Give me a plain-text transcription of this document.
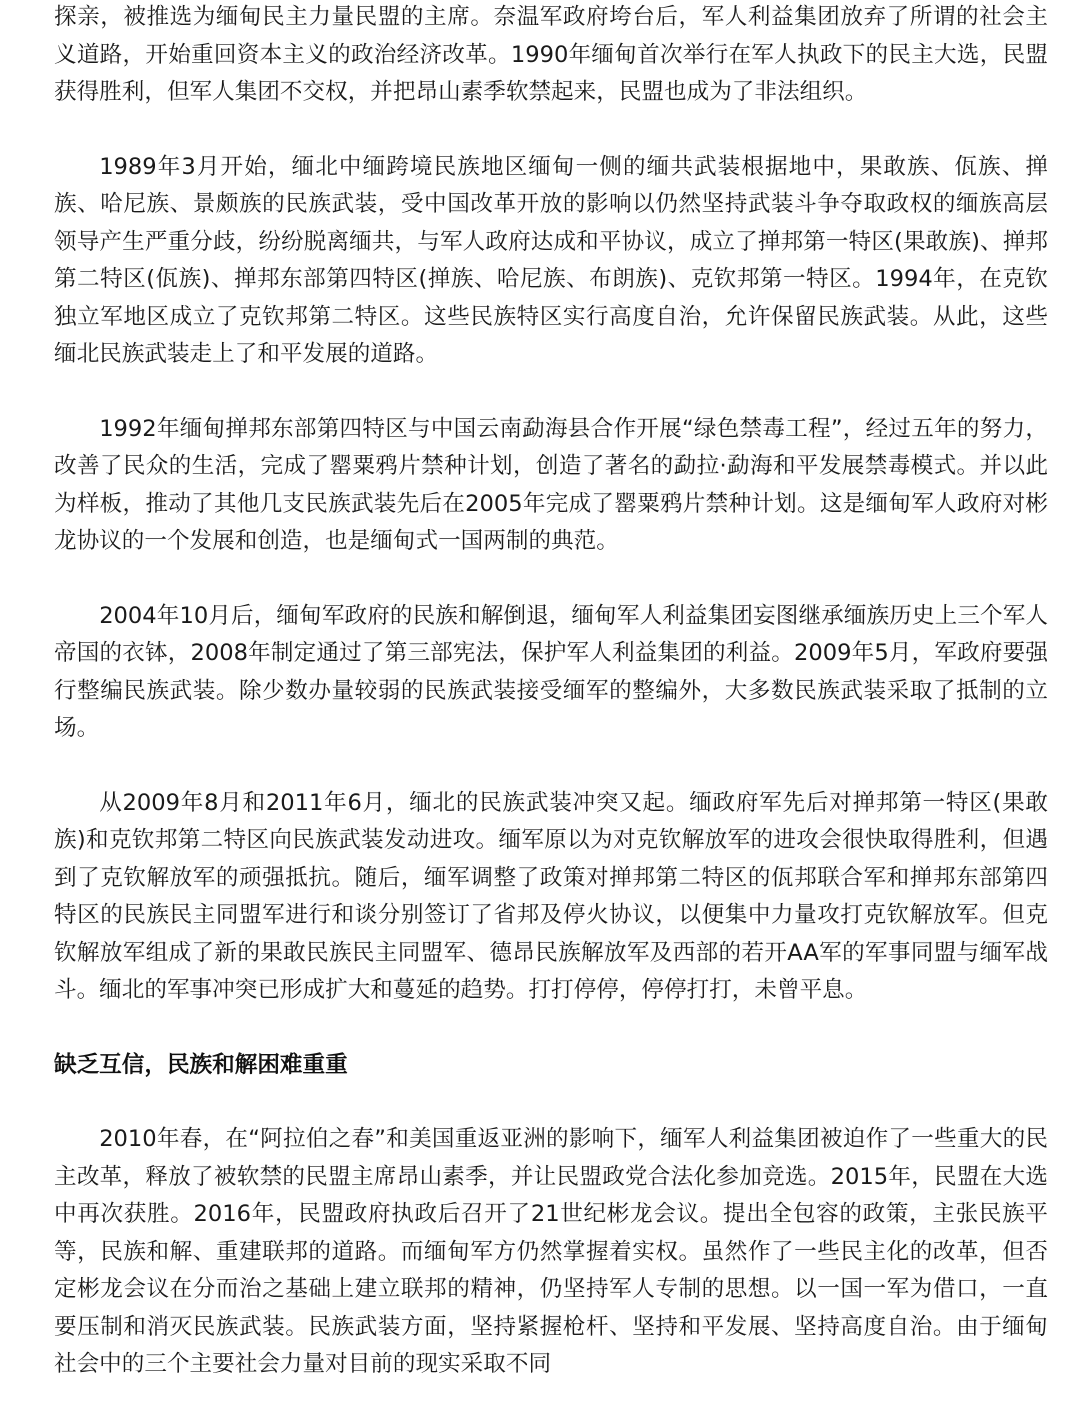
探亲，被推选为缅甸民主力量民盟的主席。奈温军政府垮台后，军人利益集团放弃了所谓的社会主义道路，开始重回资本主义的政治经济改革。1990年缅甸首次举行在军人执政下的民主大选，民盟获得胜利，但军人集团不交权，并把昂山素季软禁起来，民盟也成为了非法组织。

1989年3月开始，缅北中缅跨境民族地区缅甸一侧的缅共武装根据地中，果敢族、佤族、掸族、哈尼族、景颇族的民族武装，受中国改革开放的影响以仍然坚持武装斗争夺取政权的缅族高层领导产生严重分歧，纷纷脱离缅共，与军人政府达成和平协议，成立了掸邦第一特区(果敢族)、掸邦第二特区(佤族)、掸邦东部第四特区(掸族、哈尼族、布朗族)、克钦邦第一特区。1994年，在克钦独立军地区成立了克钦邦第二特区。这些民族特区实行高度自治，允许保留民族武装。从此，这些缅北民族武装走上了和平发展的道路。

1992年缅甸掸邦东部第四特区与中国云南勐海县合作开展“绿色禁毒工程”，经过五年的努力，改善了民众的生活，完成了罂粟鸦片禁种计划，创造了著名的勐拉·勐海和平发展禁毒模式。并以此为样板，推动了其他几支民族武装先后在2005年完成了罂粟鸦片禁种计划。这是缅甸军人政府对彬龙协议的一个发展和创造，也是缅甸式一国两制的典范。

2004年10月后，缅甸军政府的民族和解倒退，缅甸军人利益集团妄图继承缅族历史上三个军人帝国的衣钵，2008年制定通过了第三部宪法，保护军人利益集团的利益。2009年5月，军政府要强行整编民族武装。除少数办量较弱的民族武装接受缅军的整编外，大多数民族武装采取了抵制的立场。

从2009年8月和2011年6月，缅北的民族武装冲突又起。缅政府军先后对掸邦第一特区(果敢族)和克钦邦第二特区向民族武装发动进攻。缅军原以为对克钦解放军的进攻会很快取得胜利，但遇到了克钦解放军的顽强抵抗。随后，缅军调整了政策对掸邦第二特区的佤邦联合军和掸邦东部第四特区的民族民主同盟军进行和谈分别签订了省邦及停火协议，以便集中力量攻打克钦解放军。但克钦解放军组成了新的果敢民族民主同盟军、德昂民族解放军及西部的若开AA军的军事同盟与缅军战斗。缅北的军事冲突已形成扩大和蔓延的趋势。打打停停，停停打打，未曾平息。

缺乏互信，民族和解困难重重

2010年春，在“阿拉伯之春”和美国重返亚洲的影响下，缅军人利益集团被迫作了一些重大的民主改革，释放了被软禁的民盟主席昂山素季，并让民盟政党合法化参加竞选。2015年，民盟在大选中再次获胜。2016年，民盟政府执政后召开了21世纪彬龙会议。提出全包容的政策，主张民族平等，民族和解、重建联邦的道路。而缅甸军方仍然掌握着实权。虽然作了一些民主化的改革，但否定彬龙会议在分而治之基础上建立联邦的精神，仍坚持军人专制的思想。以一国一军为借口，一直要压制和消灭民族武装。民族武装方面，坚持紧握枪杆、坚持和平发展、坚持高度自治。由于缅甸社会中的三个主要社会力量对目前的现实采取不同
